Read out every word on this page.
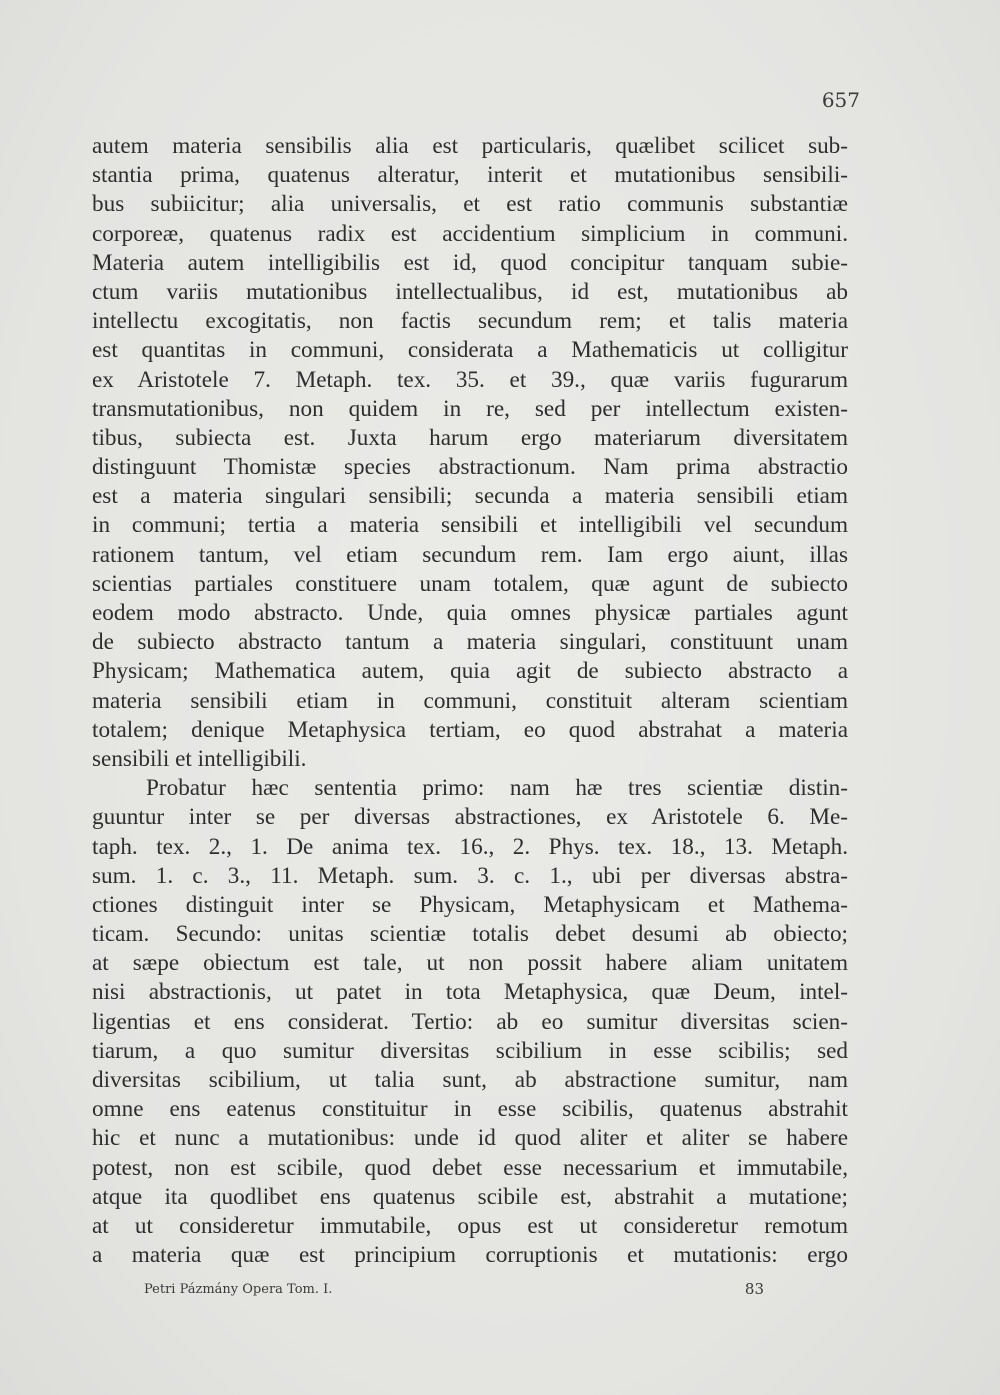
657
autem materia sensibilis alia est particularis, quælibet scilicet sub-
stantia prima, quatenus alteratur, interit et mutationibus sensibili-
bus subiicitur; alia universalis, et est ratio communis substantiæ
corporeæ, quatenus radix est accidentium simplicium in communi.
Materia autem intelligibilis est id, quod concipitur tanquam subie-
ctum variis mutationibus intellectualibus, id est, mutationibus ab
intellectu excogitatis, non factis secundum rem; et talis materia
est quantitas in communi, considerata a Mathematicis ut colligitur
ex Aristotele 7. Metaph. tex. 35. et 39., quæ variis fugurarum
transmutationibus, non quidem in re, sed per intellectum existen-
tibus, subiecta est. Juxta harum ergo materiarum diversitatem
distinguunt Thomistæ species abstractionum. Nam prima abstractio
est a materia singulari sensibili; secunda a materia sensibili etiam
in communi; tertia a materia sensibili et intelligibili vel secundum
rationem tantum, vel etiam secundum rem. Iam ergo aiunt, illas
scientias partiales constituere unam totalem, quæ agunt de subiecto
eodem modo abstracto. Unde, quia omnes physicæ partiales agunt
de subiecto abstracto tantum a materia singulari, constituunt unam
Physicam; Mathematica autem, quia agit de subiecto abstracto a
materia sensibili etiam in communi, constituit alteram scientiam
totalem; denique Metaphysica tertiam, eo quod abstrahat a materia
sensibili et intelligibili.
Probatur hæc sententia primo: nam hæ tres scientiæ distin-
guuntur inter se per diversas abstractiones, ex Aristotele 6. Me-
taph. tex. 2., 1. De anima tex. 16., 2. Phys. tex. 18., 13. Metaph.
sum. 1. c. 3., 11. Metaph. sum. 3. c. 1., ubi per diversas abstra-
ctiones distinguit inter se Physicam, Metaphysicam et Mathema-
ticam. Secundo: unitas scientiæ totalis debet desumi ab obiecto;
at sæpe obiectum est tale, ut non possit habere aliam unitatem
nisi abstractionis, ut patet in tota Metaphysica, quæ Deum, intel-
ligentias et ens considerat. Tertio: ab eo sumitur diversitas scien-
tiarum, a quo sumitur diversitas scibilium in esse scibilis; sed
diversitas scibilium, ut talia sunt, ab abstractione sumitur, nam
omne ens eatenus constituitur in esse scibilis, quatenus abstrahit
hic et nunc a mutationibus: unde id quod aliter et aliter se habere
potest, non est scibile, quod debet esse necessarium et immutabile,
atque ita quodlibet ens quatenus scibile est, abstrahit a mutatione;
at ut consideretur immutabile, opus est ut consideretur remotum
a materia quæ est principium corruptionis et mutationis: ergo
Petri Pázmány Opera Tom. I.	83
